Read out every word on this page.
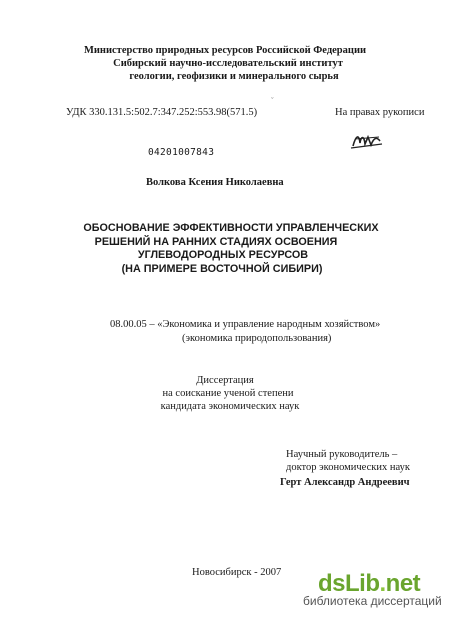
Министерство природных ресурсов Российской Федерации
Сибирский научно-исследовательский институт
геологии, геофизики и минерального сырья
ˇ
УДК 330.131.5:502.7:347.252:553.98(571.5)	На правах рукописи
04201007843
Волкова Ксения Николаевна
ОБОСНОВАНИЕ ЭФФЕКТИВНОСТИ УПРАВЛЕНЧЕСКИХ
РЕШЕНИЙ НА РАННИХ СТАДИЯХ ОСВОЕНИЯ
УГЛЕВОДОРОДНЫХ РЕСУРСОВ
(НА ПРИМЕРЕ ВОСТОЧНОЙ СИБИРИ)
08.00.05 – «Экономика и управление народным хозяйством»
(экономика природопользования)
Диссертация
на соискание ученой степени
кандидата экономических наук
Научный руководитель –
доктор экономических наук
Герт Александр Андреевич
Новосибирск - 2007 dsLib.net
библиотека диссертаций
